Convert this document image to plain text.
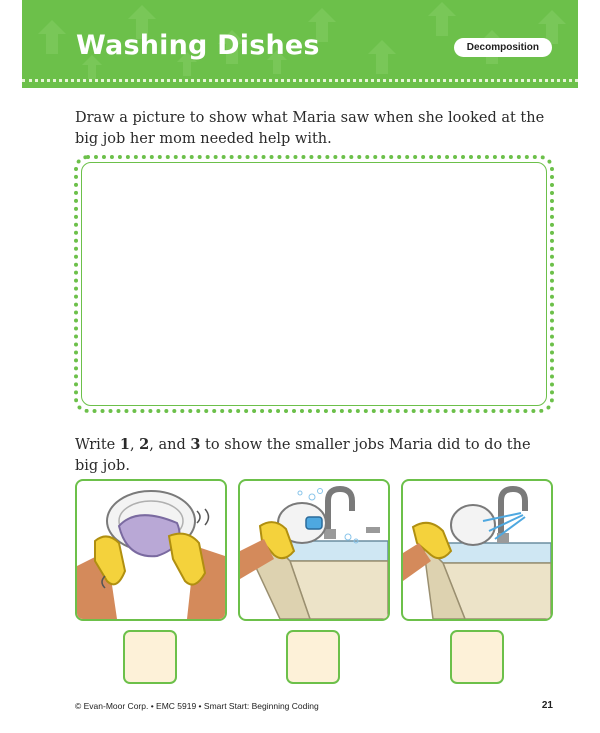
Washing Dishes	Decomposition
Draw a picture to show what Maria saw when she looked at the big job her mom needed help with.
Write 1, 2, and 3 to show the smaller jobs Maria did to do the big job.
© Evan-Moor Corp. • EMC 5919 • Smart Start: Beginning Coding	21
